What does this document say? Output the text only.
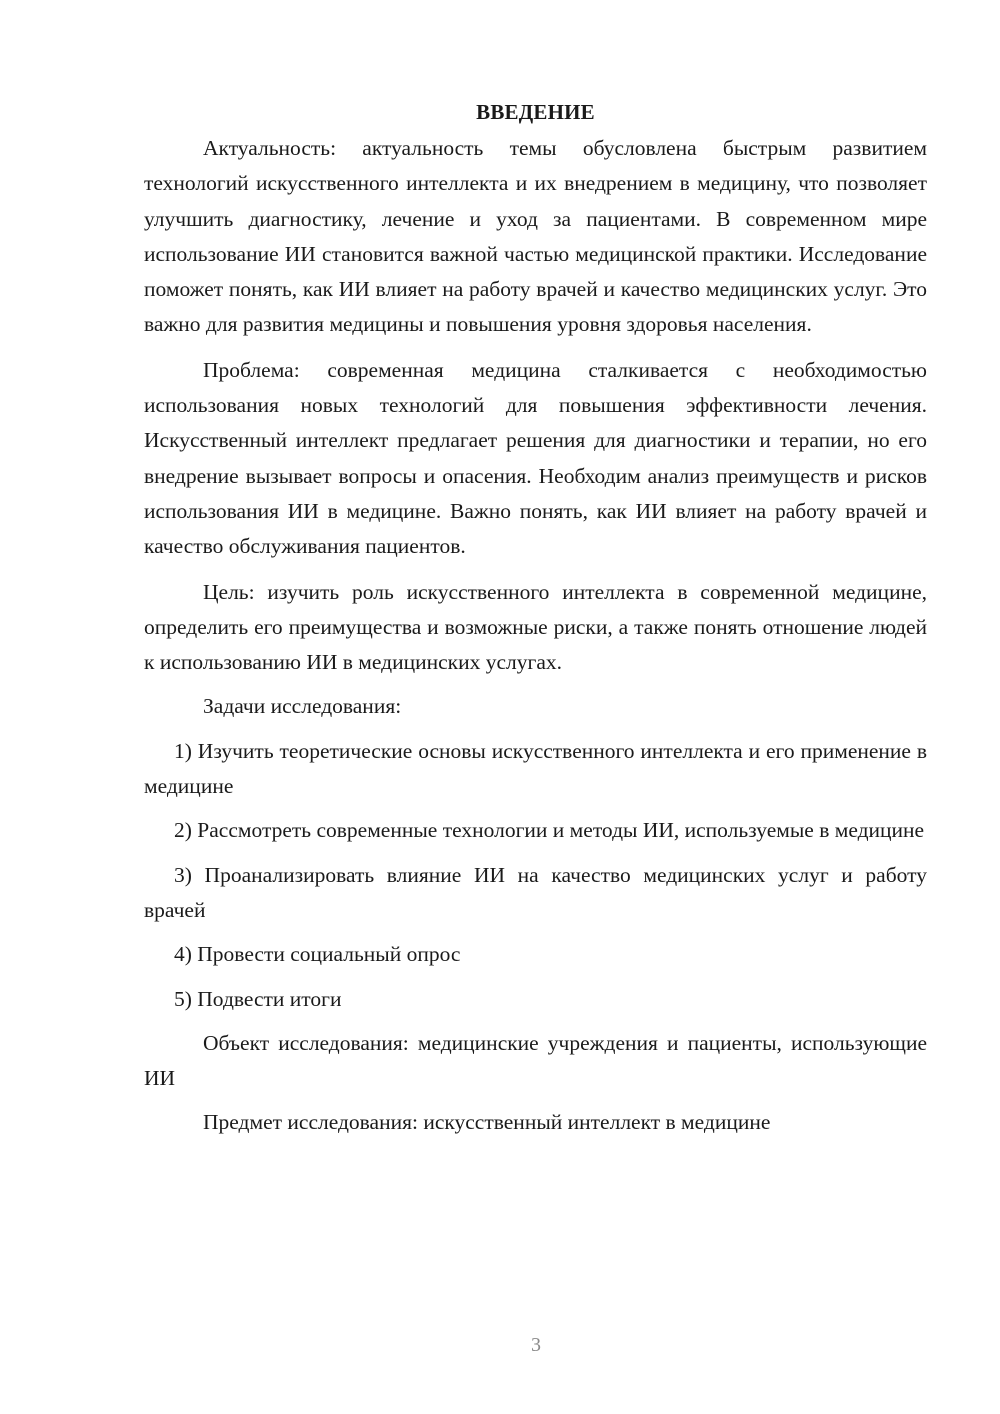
ВВЕДЕНИЕ

Актуальность: актуальность темы обусловлена быстрым развитием технологий искусственного интеллекта и их внедрением в медицину, что позволяет улучшить диагностику, лечение и уход за пациентами. В современном мире использование ИИ становится важной частью медицинской практики. Исследование поможет понять, как ИИ влияет на работу врачей и качество медицинских услуг. Это важно для развития медицины и повышения уровня здоровья населения.

Проблема: современная медицина сталкивается с необходимостью использования новых технологий для повышения эффективности лечения. Искусственный интеллект предлагает решения для диагностики и терапии, но его внедрение вызывает вопросы и опасения. Необходим анализ преимуществ и рисков использования ИИ в медицине. Важно понять, как ИИ влияет на работу врачей и качество обслуживания пациентов.

Цель: изучить роль искусственного интеллекта в современной медицине, определить его преимущества и возможные риски, а также понять отношение людей к использованию ИИ в медицинских услугах.

Задачи исследования:

1) Изучить теоретические основы искусственного интеллекта и его применение в медицине

2) Рассмотреть современные технологии и методы ИИ, используемые в медицине

3) Проанализировать влияние ИИ на качество медицинских услуг и работу врачей

4) Провести социальный опрос

5) Подвести итоги

Объект исследования: медицинские учреждения и пациенты, использующие ИИ

Предмет исследования: искусственный интеллект в медицине

3
